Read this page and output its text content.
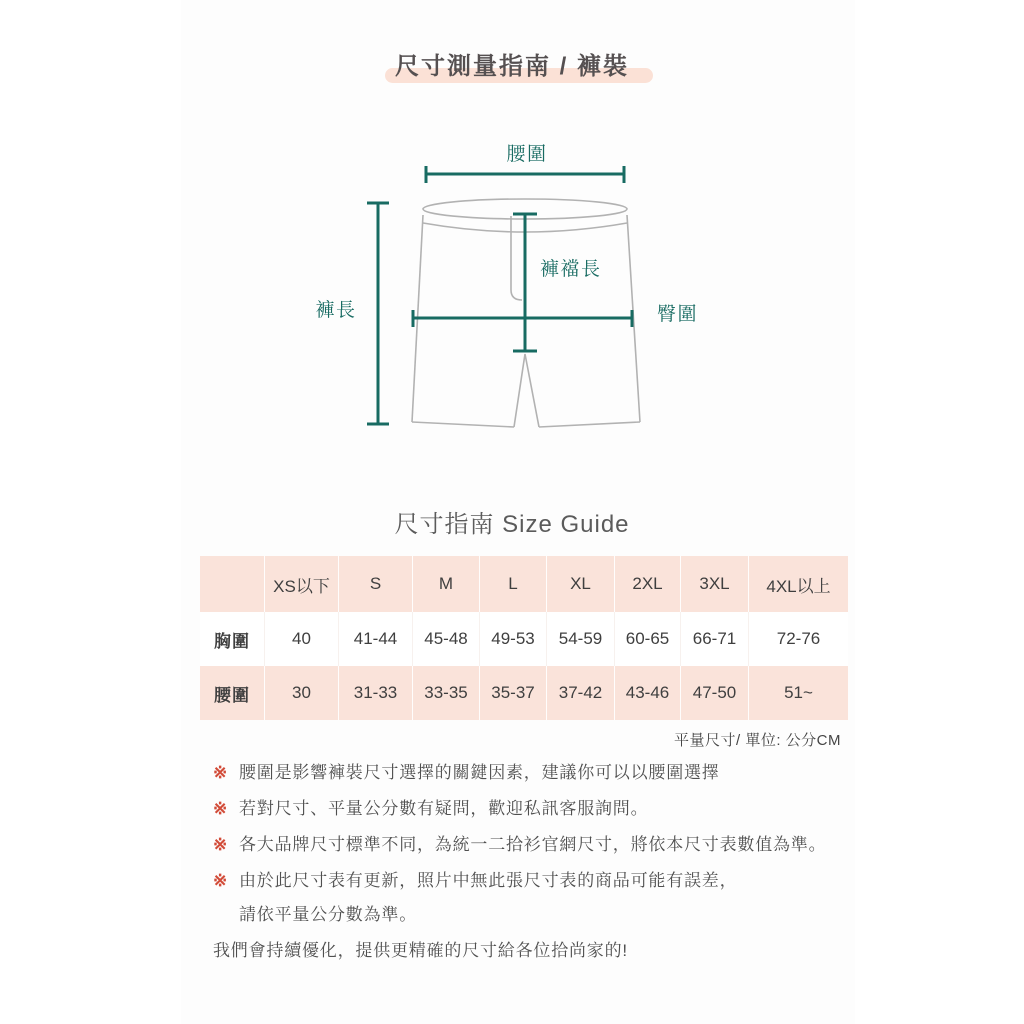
尺寸測量指南 / 褲裝
腰圍
褲長
褲襠長
臀圍
尺寸指南 Size Guide
	XS以下	S	M	L	XL	2XL	3XL	4XL以上
胸圍	40	41-44	45-48	49-53	54-59	60-65	66-71	72-76
腰圍	30	31-33	33-35	35-37	37-42	43-46	47-50	51~
平量尺寸/ 單位: 公分CM
※ 腰圍是影響褲裝尺寸選擇的關鍵因素，建議你可以以腰圍選擇
※ 若對尺寸、平量公分數有疑問，歡迎私訊客服詢問。
※ 各大品牌尺寸標準不同，為統一二拾衫官網尺寸，將依本尺寸表數值為準。
※ 由於此尺寸表有更新，照片中無此張尺寸表的商品可能有誤差，
請依平量公分數為準。
我們會持續優化，提供更精確的尺寸給各位拾尚家的!
